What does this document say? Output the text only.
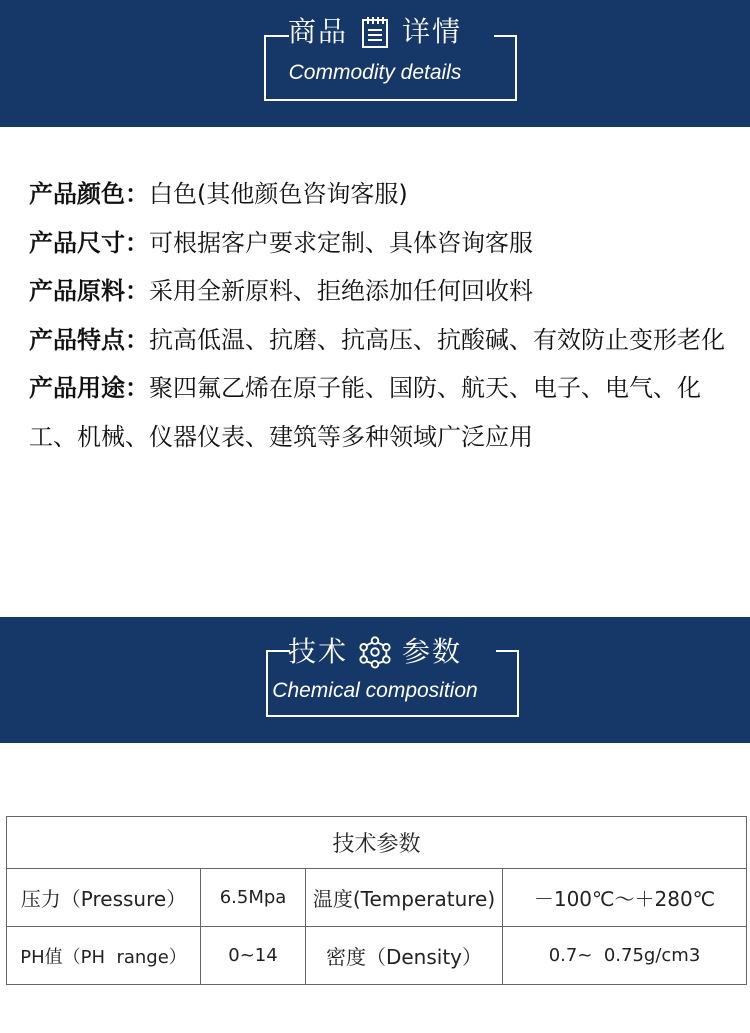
商品 详情
Commodity details

产品颜色：白色(其他颜色咨询客服)

产品尺寸：可根据客户要求定制、具体咨询客服

产品原料：采用全新原料、拒绝添加任何回收料

产品特点：抗高低温、抗磨、抗高压、抗酸碱、有效防止变形老化

产品用途：聚四氟乙烯在原子能、国防、航天、电子、电气、化工、机械、仪器仪表、建筑等多种领域广泛应用

技术 参数
Chemical composition
技术参数			
压力（Pressure）	6.5Mpa	温度(Temperature)	－100℃～＋280℃
PH值（PH  range）	0~14	密度（Density）	0.7~  0.75g/cm3
